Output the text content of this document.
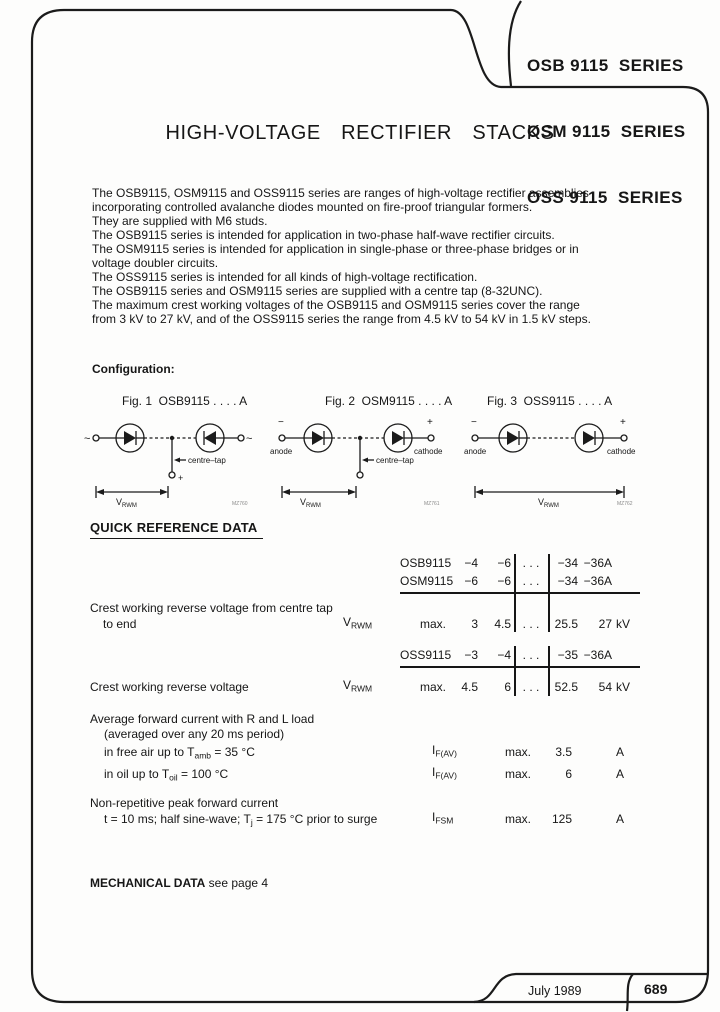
OSB 9115  SERIES

OSM 9115  SERIES

OSS 9115  SERIES

HIGH-VOLTAGE  RECTIFIER  STACKS
The OSB9115, OSM9115 and OSS9115 series are ranges of high-voltage rectifier assemblies
incorporating controlled avalanche diodes mounted on fire-proof triangular formers.
They are supplied with M6 studs.
The OSB9115 series is intended for application in two-phase half-wave rectifier circuits.
The OSM9115 series is intended for application in single-phase or three-phase bridges or in
voltage doubler circuits.
The OSS9115 series is intended for all kinds of high-voltage rectification.
The OSB9115 series and OSM9115 series are supplied with a centre tap (8-32UNC).
The maximum crest working voltages of the OSB9115 and OSM9115 series cover the range
from 3 kV to 27 kV, and of the OSS9115 series the range from 4.5 kV to 54 kV in 1.5 kV steps.
Configuration:
Fig. 1  OSB9115 . . . . A	Fig. 2  OSM9115 . . . . A	Fig. 3  OSS9115 . . . . A
~	~
centre–tap
+
VRWM	MZ760
−
anode
+
cathode
centre–tap
VRWM	MZ761
−
anode
+
cathode
VRWM	MZ762
QUICK REFERENCE DATA
OSB9115	−4	−6 . . .	−34 −36A
OSM9115 −6	−6 . . .	−34 −36A
Crest working reverse voltage from centre tap
to end	$V_{RWM}$	max.	3	4.5 . . .	25.5	27 kV
OSS9115	−3	−4 . . .	−35 −36A
Crest working reverse voltage	$V_{RWM}$	max.	4.5	6 . . .	52.5	54 kV
Average forward current with R and L load
(averaged over any 20 ms period)
in free air up to $T_{amb} = 35$ °C	$I_{F(AV)}$	max.	3.5	A
in oil up to $T_{oil} = 100$ °C	$I_{F(AV)}$	max.	6	A
Non-repetitive peak forward current
t = 10 ms; half sine-wave; $T_j = 175$ °C prior to surge	$I_{FSM}$	max.	125	A
MECHANICAL DATA see page 4
July 1989	689
